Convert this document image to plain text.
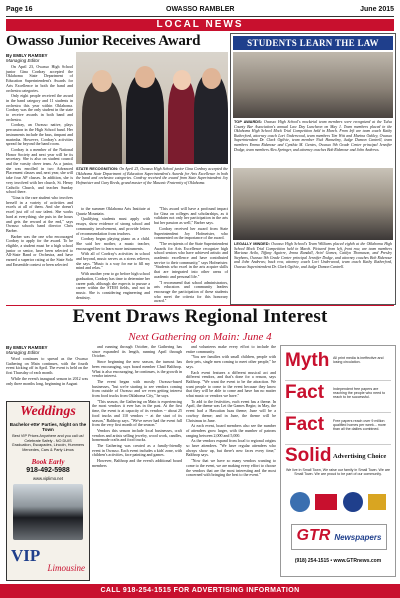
Page 16	OWASSO RAMBLER	June 2015
LOCAL NEWS
Owasso Junior Receives Award
By EMILY RAMSEY
Managing Editor

On April 23, Owasso High School junior Gina Cordray accepted the Oklahoma State Department of Education Superintendent's Awards for Arts Excellence in both the band and orchestra categories.

Only eight people received the award in the band category and 11 students in orchestra this year within Oklahoma. Cordray was the only student in the state to receive awards in both band and orchestra.

Cordray, an Owasso native, plays percussion in the High School band. Her instruments include the bass, timpani and marimba. However, Cordray's activities spread far beyond the band room.

Cordray is a member of the National Honor Society and next year will be its secretary. She is also on student council and the varsity cheer team. As a junior, she was enrolled in two Advanced Placement classes and, next year, she will take four AP classes. In addition, she is very involved with her church, St. Henry Catholic Church, and teaches Sunday school there.

"Gina is the rare student who involves herself in a variety of activities and excels at all of them. And she doesn't excel just off of raw talent. She works hard at everything; she puts in the hours and gets the reward at the end," says Owasso schools band director Chris Barber.

Barber was the one who encouraged Cordray to apply for the award. To be eligible, a student must be a high school junior or senior, have been selected to All-State Band or Orchestra, and have earned a superior rating at the State Solo and Ensemble contest or been selected

STATE RECOGNITION: On April 23, Owasso High School junior Gina Cordray accepted the Oklahoma State Department of Education Superintendent's Awards for Arts Excellence in both the band and orchestra categories. Cordray received the award from State Superintendent Joy Hofmeister and Gary Reeds, grand master of the Masonic Fraternity of Oklahoma.

to the summer Oklahoma Arts Institute at Quartz Mountain.

Qualifying students must apply with essays, show evidence of strong school and community involvement, and provide letters of recommendation from teachers.

Cordray began playing piano as a child. She said her mother, a music teacher, encouraged her to learn more instruments.

With all of Cordray's activities in school and beyond, music serves as a stress reliever, she says. "Music is a way for me to fill my mind and relax."

With another year to go before high school graduation, Cordray has time to determine her career path, although she expects to pursue a career within the STEM fields, and not in music. She is considering engineering and dentistry.

"This award will have a profound impact for Gina on colleges and scholarships, as it validates not only her participation in the arts but her passion as well," Barber says.

Cordray received her award from State Superintendent Joy Hofmeister, who commented on the importance of the award.

"The recipients of the State Superintendent Awards for Arts Excellence recognize high school seniors who have achieved artistic and academic excellence and have contributed service to their community," says Hofmeister. "Students who excel in the arts acquire skills that are integrated into other areas of academic and personal life."

"I recommend that school administrators, arts educators and community leaders encourage the participation of these students who meet the criteria for this honorary award."

STUDENTS LEARN THE LAW
TOP AWARDS: Owasso High School's mocktrial team members were recognized at the Tulsa County Bar Association's annual Law Day Luncheon on May 1. Team members placed in the Oklahoma High School Mock Trial Competition held in March. From left are team coach Kathy Rutherford, attorney coach Lori Underwood, team members Tim Witt and Marina Oakley, Owasso Superintendent Dr. Clark Ogilvie, team member Nick Hanselmy, Judge Damon Cantrell, team members Emma Ridenour and Cynthia M. Gentes, Owasso 9th Grade Center principal Jennifer Dodge, team members Alex Springer, and attorney coaches Bob Ridenour and John Andrews.
LEGALLY MINDED: Owasso High School's Team Williams placed eighth at the Oklahoma High School Mock Trial Competition held in March. Pictured from left, front row, are team members Mariana Avila, Tiffany Aguirre, Jenna Randall, Ariel Gomez, Caitlyn Thomason, and Presley Stephens, Owasso 9th Grade Center principal Jennifer Dodge, and attorney coaches Bob Ridenour and John Andrews; back row, attorney coach Lori Underwood, team coach Kathy Rutherford, Owasso Superintendent Dr. Clark Ogilvie, and Judge Damon Cantrell.
Event Draws Regional Interest
Next Gathering on Main: June 4
By EMILY RAMSEY
Managing Editor

Word continues to spread as the Owasso Gathering on Main continues, with the fourth event kicking off in April. The event is held on the first Thursday of each month.

While the event's inaugural season in 2012 was only three months long, beginning in August

Weddings
Bachelor·ette' Parties, Night on the Town
Best VIP Prices Anywhere and you call us!
Celebrate Safely - NO DUIS
Graduation, Escapades, Lincoln, Hummers
Mercedes, Cars & Party Limos
Book Early
918-492-5988
www.viplimo.net
VIP
Limousine

and running through October, the Gathering has since expanded its length, running April through October.

Since beginning the new season, the turnout has been encouraging, says board member Chad Balthrop. What is also encouraging, he continues, is the growth in vendor interest.

The event began with mostly Owasso-based businesses, "but we're starting to see vendors coming from outside of Owasso and we even getting interest from food trucks from Oklahoma City," he says.

"This season, the Gathering on Main is experiencing the most vendors it ever has in the past. At the first time, the event is at capacity of its vendors -- about 25 food trucks and 110 vendors -- at the start of its season," Balthrop says. "We've never had the event full from the very first month of the season."

Vendors this season include local businesses, craft vendors and artists selling jewelry, wood work, candles, homemade crafts and food trucks.

The Gathering was created as a family-friendly event in Owasso. Each event includes a kids' zone, with children's activities, face painting and games.

However, Balthrop and the event's additional board members

and volunteers make every effort to include the entire community.

"You see families with small children, people with their pets, single men coming to meet other people," he says.

Each event features a different musical act and different vendors, and that's done for a reason, says Balthrop. "We want the event to be the attraction. We want people to come to the event because they know that they will be able to come and have fun no matter what music or vendors we have."

To add to the festivities, each event has a theme. In April, the theme was Let the Games Begin; in May, the event had a Hawaiian luau theme; June will be a cowboy theme; and in June, the theme will be Christmas in June.

At each event, board members also see the number of attendees grow larger, with the number of patrons ranging between 2,000 and 5,000.

As the vendors expand from local to regional origins so have attendees. "We have regular attendees who always show up, but there's new faces every time," Balthrop says.

"Now that we have so many vendors wanting to come to the event, we are making every effort to choose the vendors that are the most interesting and the most concerned with bringing the best to the event."

Myth	All print media is ineffective and losing circulation.
Fact	Independent free papers are reaching the people who need to reach to be successful.
Fact	Free papers reach over 9 million qualified homes per week... more than all the dailies combined.
Solid Advertising Choice
We live in Small Town, We raise our family in Small Town. We are Small Town. We are proud to be part of our community.
GTR Newspapers
(918) 254-1515 • www.GTRnews.com
CALL 918-254-1515 FOR ADVERTISING INFORMATION
